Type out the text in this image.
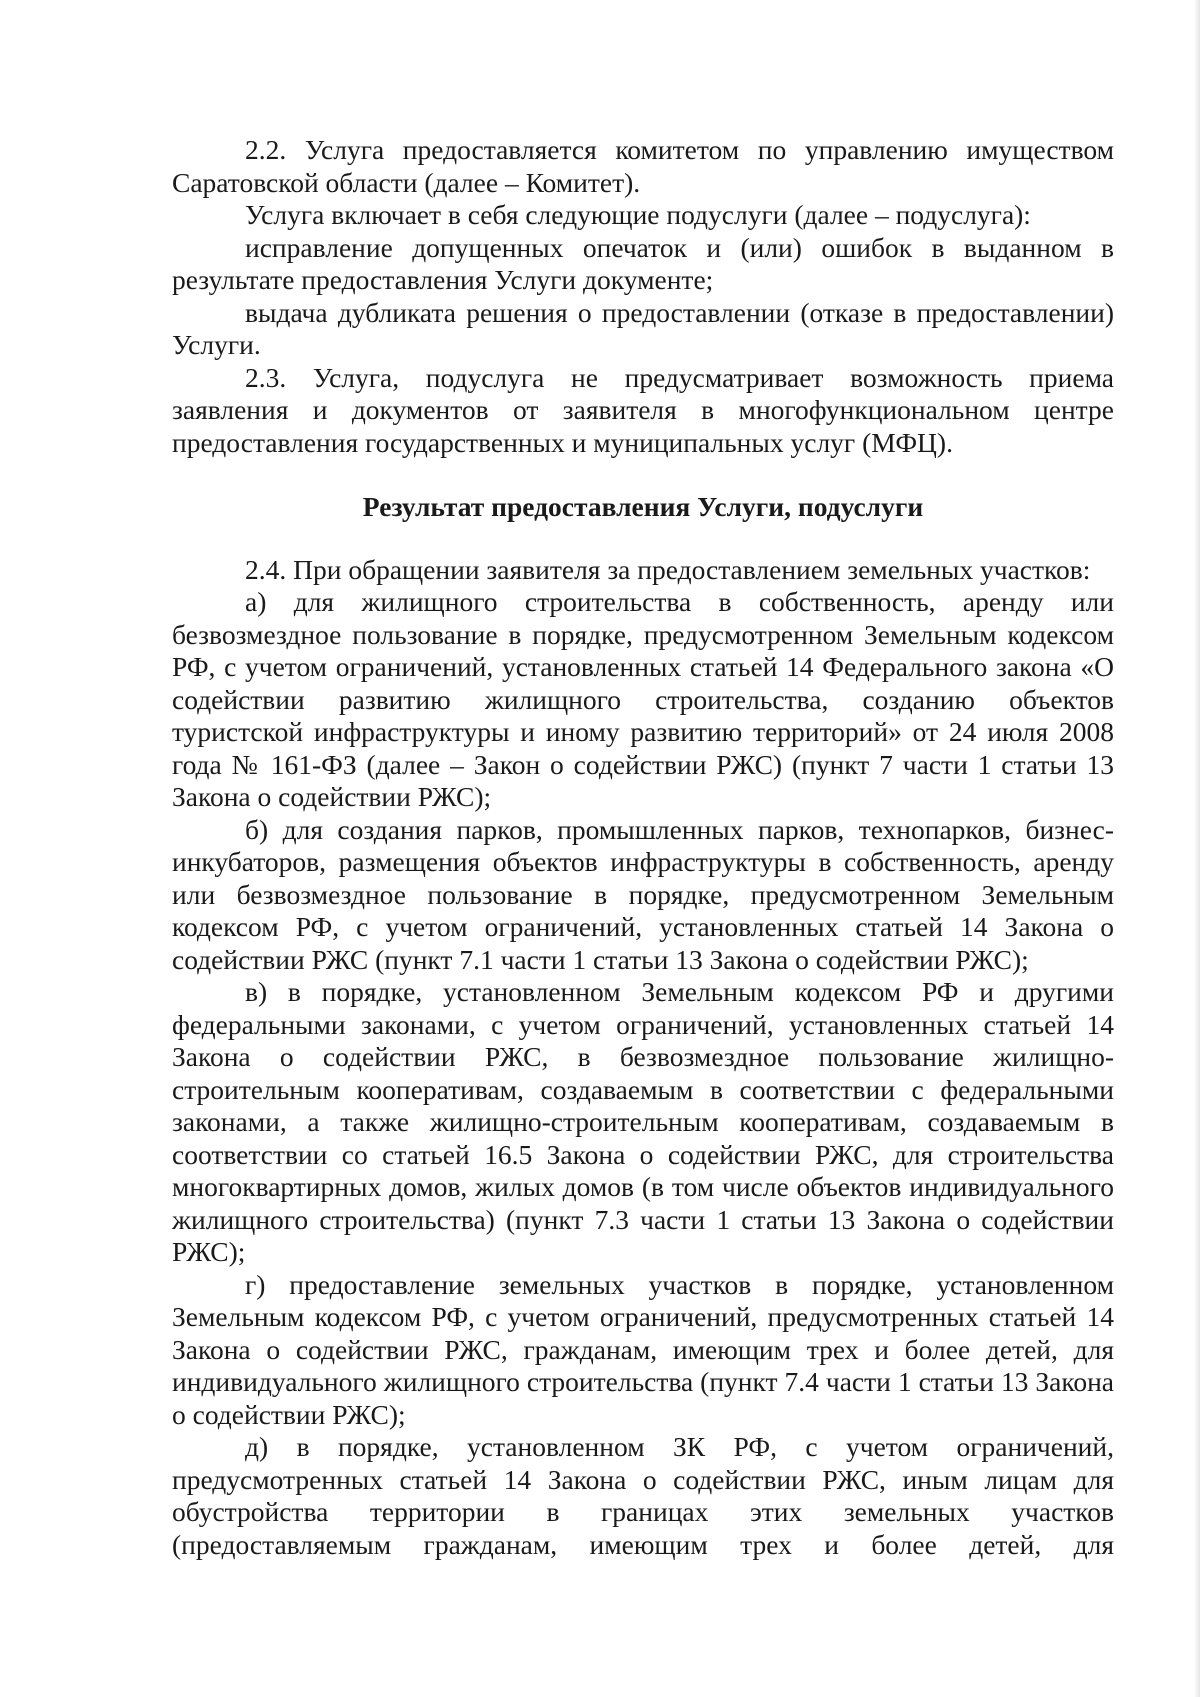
2.2. Услуга предоставляется комитетом по управлению имуществом Саратовской области (далее – Комитет).

Услуга включает в себя следующие подуслуги (далее – подуслуга):

исправление допущенных опечаток и (или) ошибок в выданном в результате предоставления Услуги документе;

выдача дубликата решения о предоставлении (отказе в предоставлении) Услуги.

2.3. Услуга, подуслуга не предусматривает возможность приема заявления и документов от заявителя в многофункциональном центре предоставления государственных и муниципальных услуг (МФЦ).

Результат предоставления Услуги, подуслуги

2.4. При обращении заявителя за предоставлением земельных участков:

а) для жилищного строительства в собственность, аренду или безвозмездное пользование в порядке, предусмотренном Земельным кодексом РФ, с учетом ограничений, установленных статьей 14 Федерального закона «О содействии развитию жилищного строительства, созданию объектов туристской инфраструктуры и иному развитию территорий» от 24 июля 2008 года № 161-ФЗ (далее – Закон о содействии РЖС) (пункт 7 части 1 статьи 13 Закона о содействии РЖС);

б) для создания парков, промышленных парков, технопарков, бизнес-инкубаторов, размещения объектов инфраструктуры в собственность, аренду или безвозмездное пользование в порядке, предусмотренном Земельным кодексом РФ, с учетом ограничений, установленных статьей 14 Закона о содействии РЖС (пункт 7.1 части 1 статьи 13 Закона о содействии РЖС);

в) в порядке, установленном Земельным кодексом РФ и другими федеральными законами, с учетом ограничений, установленных статьей 14 Закона о содействии РЖС, в безвозмездное пользование жилищно-строительным кооперативам, создаваемым в соответствии с федеральными законами, а также жилищно-строительным кооперативам, создаваемым в соответствии со статьей 16.5 Закона о содействии РЖС, для строительства многоквартирных домов, жилых домов (в том числе объектов индивидуального жилищного строительства) (пункт 7.3 части 1 статьи 13 Закона о содействии РЖС);

г) предоставление земельных участков в порядке, установленном Земельным кодексом РФ, с учетом ограничений, предусмотренных статьей 14 Закона о содействии РЖС, гражданам, имеющим трех и более детей, для индивидуального жилищного строительства (пункт 7.4 части 1 статьи 13 Закона о содействии РЖС);

д) в порядке, установленном ЗК РФ, с учетом ограничений, предусмотренных статьей 14 Закона о содействии РЖС, иным лицам для обустройства территории в границах этих земельных участков (предоставляемым гражданам, имеющим трех и более детей, для
